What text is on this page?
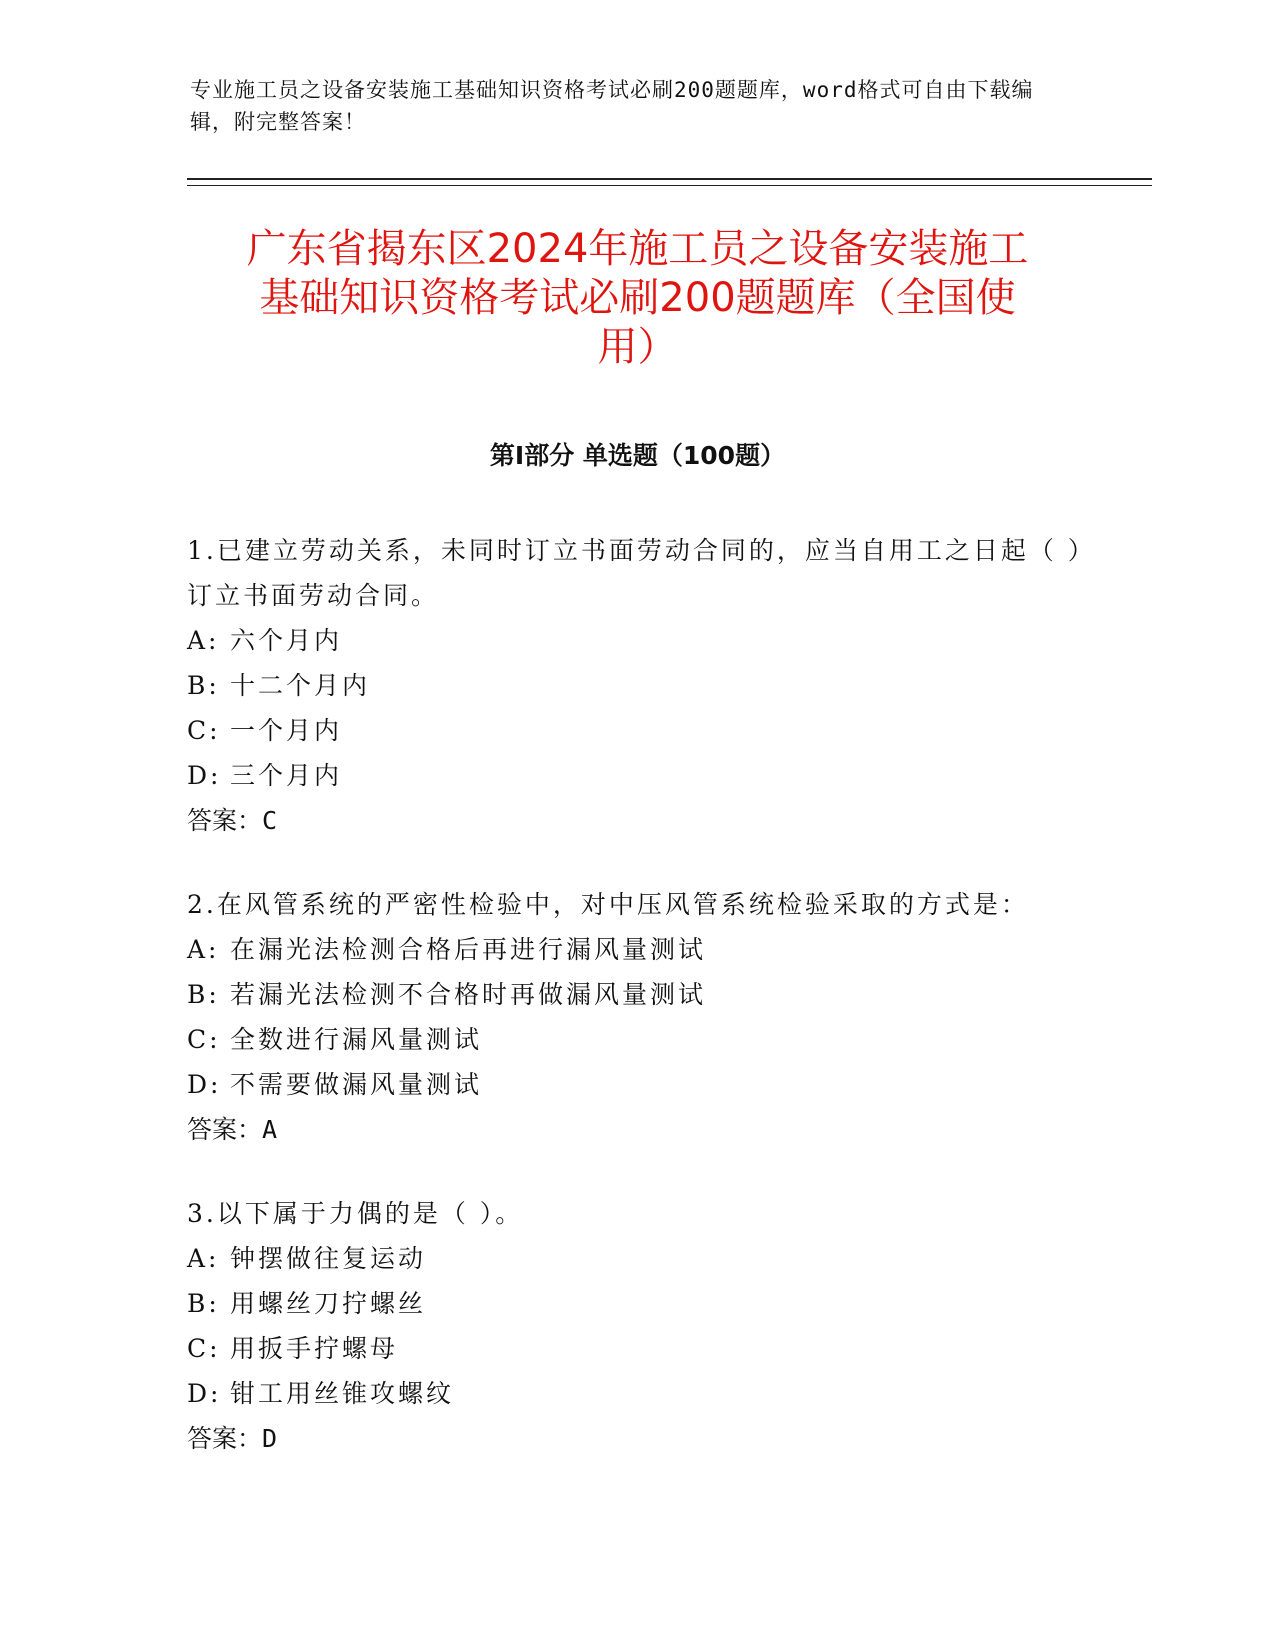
专业施工员之设备安装施工基础知识资格考试必刷200题题库，word格式可自由下载编辑，附完整答案！
广东省揭东区2024年施工员之设备安装施工
基础知识资格考试必刷200题题库（全国使
用）
第Ⅰ部分 单选题（100题）
1.已建立劳动关系，未同时订立书面劳动合同的，应当自用工之日起（ ）订立书面劳动合同。
A: 六个月内
B: 十二个月内
C: 一个月内
D: 三个月内
答案：C
2.在风管系统的严密性检验中，对中压风管系统检验采取的方式是：
A: 在漏光法检测合格后再进行漏风量测试
B: 若漏光法检测不合格时再做漏风量测试
C: 全数进行漏风量测试
D: 不需要做漏风量测试
答案：A
3.以下属于力偶的是（ ）。
A: 钟摆做往复运动
B: 用螺丝刀拧螺丝
C: 用扳手拧螺母
D: 钳工用丝锥攻螺纹
答案：D
